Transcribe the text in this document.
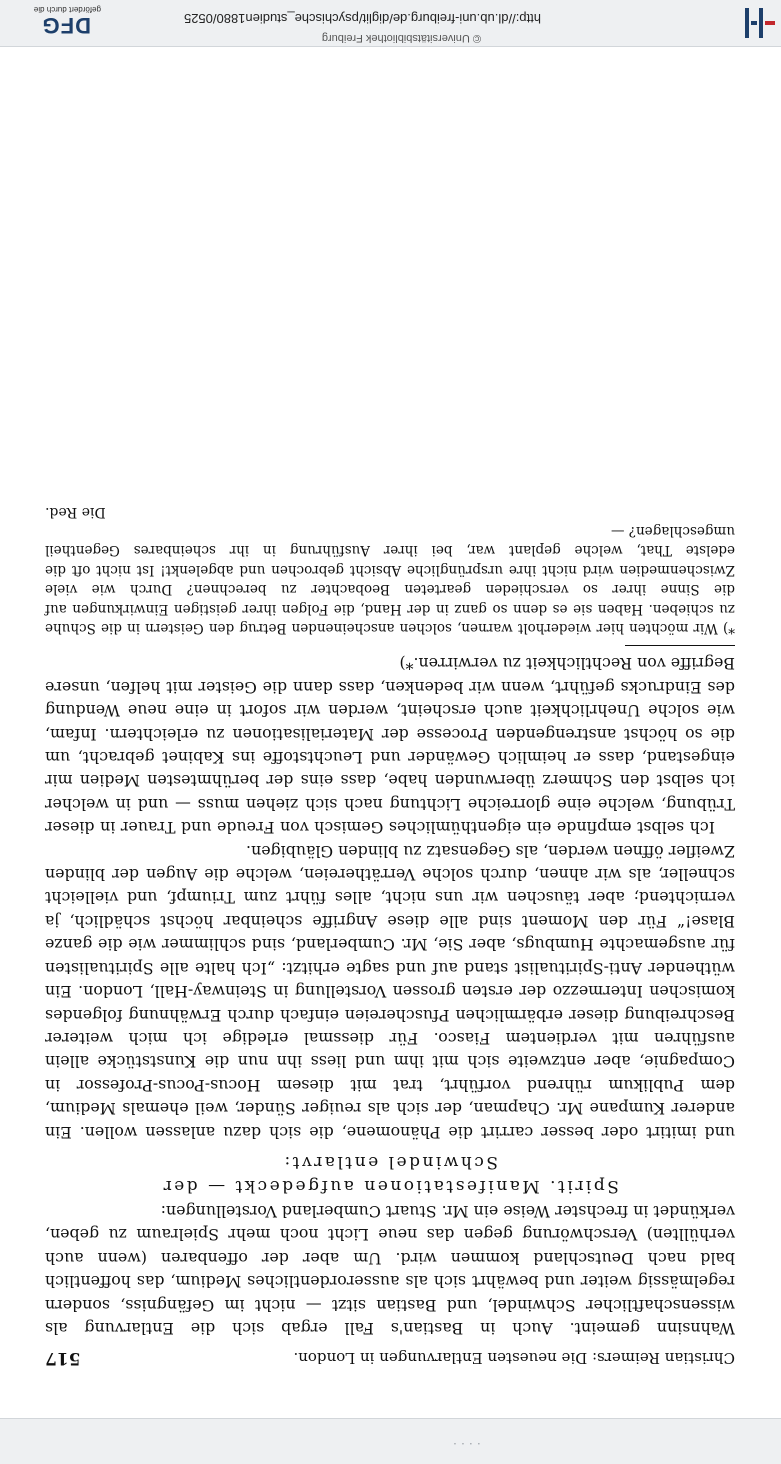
· · · ·
Christian Reimers: Die neuesten Entlarvungen in London.
517

Wahnsinn gemeint. Auch in Bastian's Fall ergab sich die Entlarvung als wissenschaftlicher Schwindel, und Bastian sitzt — nicht im Gefängniss, sondern regelmässig weiter und bewährt sich als ausserordentliches Medium, das hoffentlich bald nach Deutschland kommen wird. Um aber der offenbaren (wenn auch verhüllten) Verschwörung gegen das neue Licht noch mehr Spielraum zu geben, verkündet in frechster Weise ein Mr. Stuart Cumberland Vorstellungen:

Spirit. Manifestationen aufgedeckt — der
Schwindel entlarvt:

und imitirt oder besser carrirt die Phänomene, die sich dazu anlassen wollen. Ein anderer Kumpane Mr. Chapman, der sich als reuiger Sünder, weil ehemals Medium, dem Publikum rührend vorführt, trat mit diesem Hocus-Pocus-Professor in Compagnie, aber entzweite sich mit ihm und liess ihn nun die Kunststücke allein ausführen mit verdientem Fiasco. Für diessmal erledige ich mich weiterer Beschreibung dieser erbärmlichen Pfuschereien einfach durch Erwähnung folgendes komischen Intermezzo der ersten grossen Vorstellung in Steinway-Hall, London. Ein wüthender Anti-Spiritualist stand auf und sagte erhitzt: „Ich halte alle Spiritualisten für ausgemachte Humbugs, aber Sie, Mr. Cumberland, sind schlimmer wie die ganze Blase!“ Für den Moment sind alle diese Angriffe scheinbar höchst schädlich, ja vernichtend; aber täuschen wir uns nicht, alles führt zum Triumpf, und vielleicht schneller, als wir ahnen, durch solche Verräthereien, welche die Augen der blinden Zweifler öffnen werden, als Gegensatz zu blinden Gläubigen.

Ich selbst empfinde ein eigenthümliches Gemisch von Freude und Trauer in dieser Trübung, welche eine glorreiche Lichtung nach sich ziehen muss — und in welcher ich selbst den Schmerz überwunden habe, dass eins der berühmtesten Medien mir eingestand, dass er heimlich Gewänder und Leuchtstoffe ins Kabinet gebracht, um die so höchst anstrengenden Processe der Materialisationen zu erleichtern. Infam, wie solche Unehrlichkeit auch erscheint, werden wir sofort in eine neue Wendung des Eindrucks geführt, wenn wir bedenken, dass dann die Geister mit helfen, unsere Begriffe von Rechtlichkeit zu verwirren.*)

*) Wir möchten hier wiederholt warnen, solchen anscheinenden Betrug den Geistern in die Schuhe zu schieben. Haben sie es denn so ganz in der Hand, die Folgen ihrer geistigen Einwirkungen auf die Sinne ihrer so verschieden gearteten Beobachter zu berechnen? Durch wie viele Zwischenmedien wird nicht ihre ursprüngliche Absicht gebrochen und abgelenkt! Ist nicht oft die edelste That, welche geplant war, bei ihrer Ausführung in ihr scheinbares Gegentheil umgeschlagen? —

Die Red.
© Universitätsbibliothek Freiburg
http://dl.ub.uni-freiburg.de/diglit/psychische_studien1880/0525
DFG
gefördert durch die
